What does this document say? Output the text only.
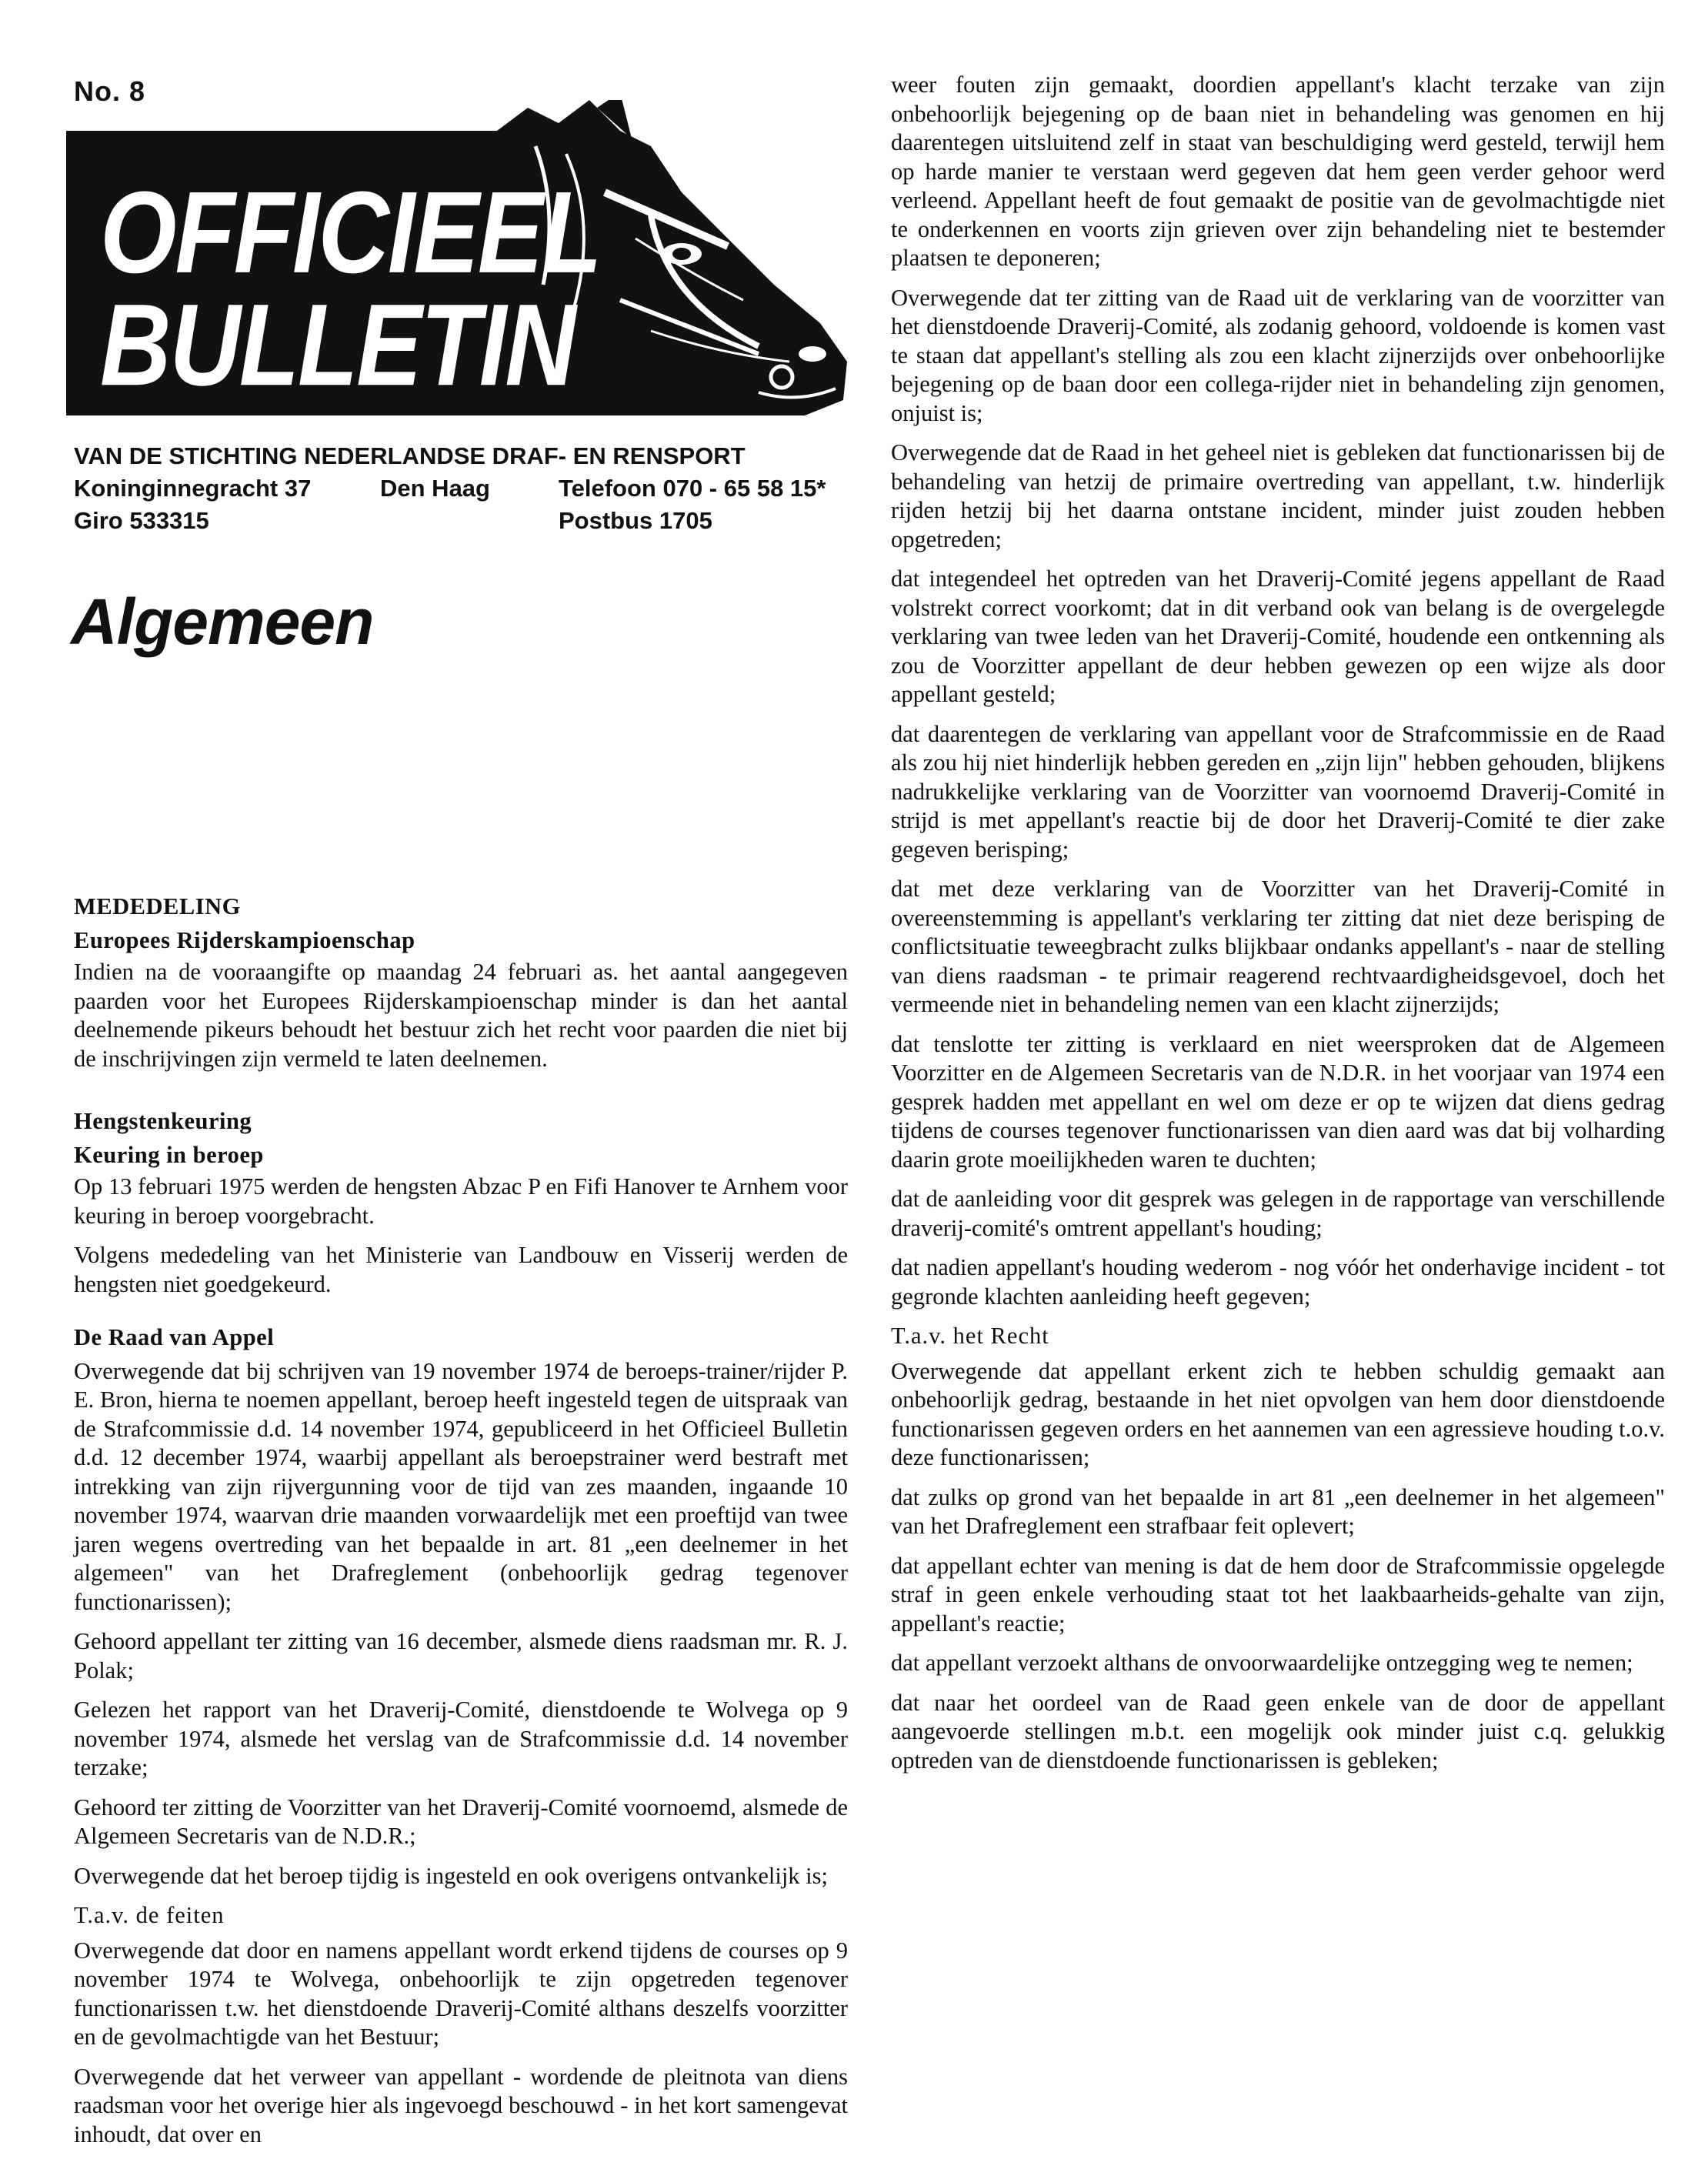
No. 8
OFFICIEEL
BULLETIN
VAN DE STICHTING NEDERLANDSE DRAF- EN RENSPORT
Koninginnegracht 37	Den Haag	Telefoon 070 - 65 58 15*
Giro 533315	Postbus 1705
Algemeen
MEDEDELING
Europees Rijderskampioenschap

Indien na de vooraangifte op maandag 24 februari as. het aantal aangegeven paarden voor het Europees Rijderskampioenschap minder is dan het aantal deelnemende pikeurs behoudt het bestuur zich het recht voor paarden die niet bij de inschrijvingen zijn vermeld te laten deelnemen.

Hengstenkeuring
Keuring in beroep

Op 13 februari 1975 werden de hengsten Abzac P en Fifi Hanover te Arnhem voor keuring in beroep voorgebracht.

Volgens mededeling van het Ministerie van Landbouw en Visserij werden de hengsten niet goedgekeurd.

De Raad van Appel

Overwegende dat bij schrijven van 19 november 1974 de beroeps-trainer/rijder P. E. Bron, hierna te noemen appellant, beroep heeft ingesteld tegen de uitspraak van de Strafcommissie d.d. 14 november 1974, gepubliceerd in het Officieel Bulletin d.d. 12 december 1974, waarbij appellant als beroepstrainer werd bestraft met intrekking van zijn rijvergunning voor de tijd van zes maanden, ingaande 10 november 1974, waarvan drie maanden vorwaardelijk met een proeftijd van twee jaren wegens overtreding van het bepaalde in art. 81 „een deelnemer in het algemeen" van het Drafreglement (onbehoorlijk gedrag tegenover functionarissen);

Gehoord appellant ter zitting van 16 december, alsmede diens raadsman mr. R. J. Polak;

Gelezen het rapport van het Draverij-Comité, dienstdoende te Wolvega op 9 november 1974, alsmede het verslag van de Strafcommissie d.d. 14 november terzake;

Gehoord ter zitting de Voorzitter van het Draverij-Comité voornoemd, alsmede de Algemeen Secretaris van de N.D.R.;

Overwegende dat het beroep tijdig is ingesteld en ook overigens ontvankelijk is;

T.a.v. de feiten

Overwegende dat door en namens appellant wordt erkend tijdens de courses op 9 november 1974 te Wolvega, onbehoorlijk te zijn opgetreden tegenover functionarissen t.w. het dienstdoende Draverij-Comité althans deszelfs voorzitter en de gevolmachtigde van het Bestuur;

Overwegende dat het verweer van appellant - wordende de pleitnota van diens raadsman voor het overige hier als ingevoegd beschouwd - in het kort samengevat inhoudt, dat over en

weer fouten zijn gemaakt, doordien appellant's klacht terzake van zijn onbehoorlijk bejegening op de baan niet in behandeling was genomen en hij daarentegen uitsluitend zelf in staat van beschuldiging werd gesteld, terwijl hem op harde manier te verstaan werd gegeven dat hem geen verder gehoor werd verleend. Appellant heeft de fout gemaakt de positie van de gevolmachtigde niet te onderkennen en voorts zijn grieven over zijn behandeling niet te bestemder plaatsen te deponeren;

Overwegende dat ter zitting van de Raad uit de verklaring van de voorzitter van het dienstdoende Draverij-Comité, als zodanig gehoord, voldoende is komen vast te staan dat appellant's stelling als zou een klacht zijnerzijds over onbehoorlijke bejegening op de baan door een collega-rijder niet in behandeling zijn genomen, onjuist is;

Overwegende dat de Raad in het geheel niet is gebleken dat functionarissen bij de behandeling van hetzij de primaire overtreding van appellant, t.w. hinderlijk rijden hetzij bij het daarna ontstane incident, minder juist zouden hebben opgetreden;

dat integendeel het optreden van het Draverij-Comité jegens appellant de Raad volstrekt correct voorkomt; dat in dit verband ook van belang is de overgelegde verklaring van twee leden van het Draverij-Comité, houdende een ontkenning als zou de Voorzitter appellant de deur hebben gewezen op een wijze als door appellant gesteld;

dat daarentegen de verklaring van appellant voor de Strafcommissie en de Raad als zou hij niet hinderlijk hebben gereden en „zijn lijn" hebben gehouden, blijkens nadrukkelijke verklaring van de Voorzitter van voornoemd Draverij-Comité in strijd is met appellant's reactie bij de door het Draverij-Comité te dier zake gegeven berisping;

dat met deze verklaring van de Voorzitter van het Draverij-Comité in overeenstemming is appellant's verklaring ter zitting dat niet deze berisping de conflictsituatie teweegbracht zulks blijkbaar ondanks appellant's - naar de stelling van diens raadsman - te primair reagerend rechtvaardigheidsgevoel, doch het vermeende niet in behandeling nemen van een klacht zijnerzijds;

dat tenslotte ter zitting is verklaard en niet weersproken dat de Algemeen Voorzitter en de Algemeen Secretaris van de N.D.R. in het voorjaar van 1974 een gesprek hadden met appellant en wel om deze er op te wijzen dat diens gedrag tijdens de courses tegenover functionarissen van dien aard was dat bij volharding daarin grote moeilijkheden waren te duchten;

dat de aanleiding voor dit gesprek was gelegen in de rapportage van verschillende draverij-comité's omtrent appellant's houding;

dat nadien appellant's houding wederom - nog vóór het onderhavige incident - tot gegronde klachten aanleiding heeft gegeven;

T.a.v. het Recht

Overwegende dat appellant erkent zich te hebben schuldig gemaakt aan onbehoorlijk gedrag, bestaande in het niet opvolgen van hem door dienstdoende functionarissen gegeven orders en het aannemen van een agressieve houding t.o.v. deze functionarissen;

dat zulks op grond van het bepaalde in art 81 „een deelnemer in het algemeen" van het Drafreglement een strafbaar feit oplevert;

dat appellant echter van mening is dat de hem door de Strafcommissie opgelegde straf in geen enkele verhouding staat tot het laakbaarheids-gehalte van zijn, appellant's reactie;

dat appellant verzoekt althans de onvoorwaardelijke ontzegging weg te nemen;

dat naar het oordeel van de Raad geen enkele van de door de appellant aangevoerde stellingen m.b.t. een mogelijk ook minder juist c.q. gelukkig optreden van de dienstdoende functionarissen is gebleken;
